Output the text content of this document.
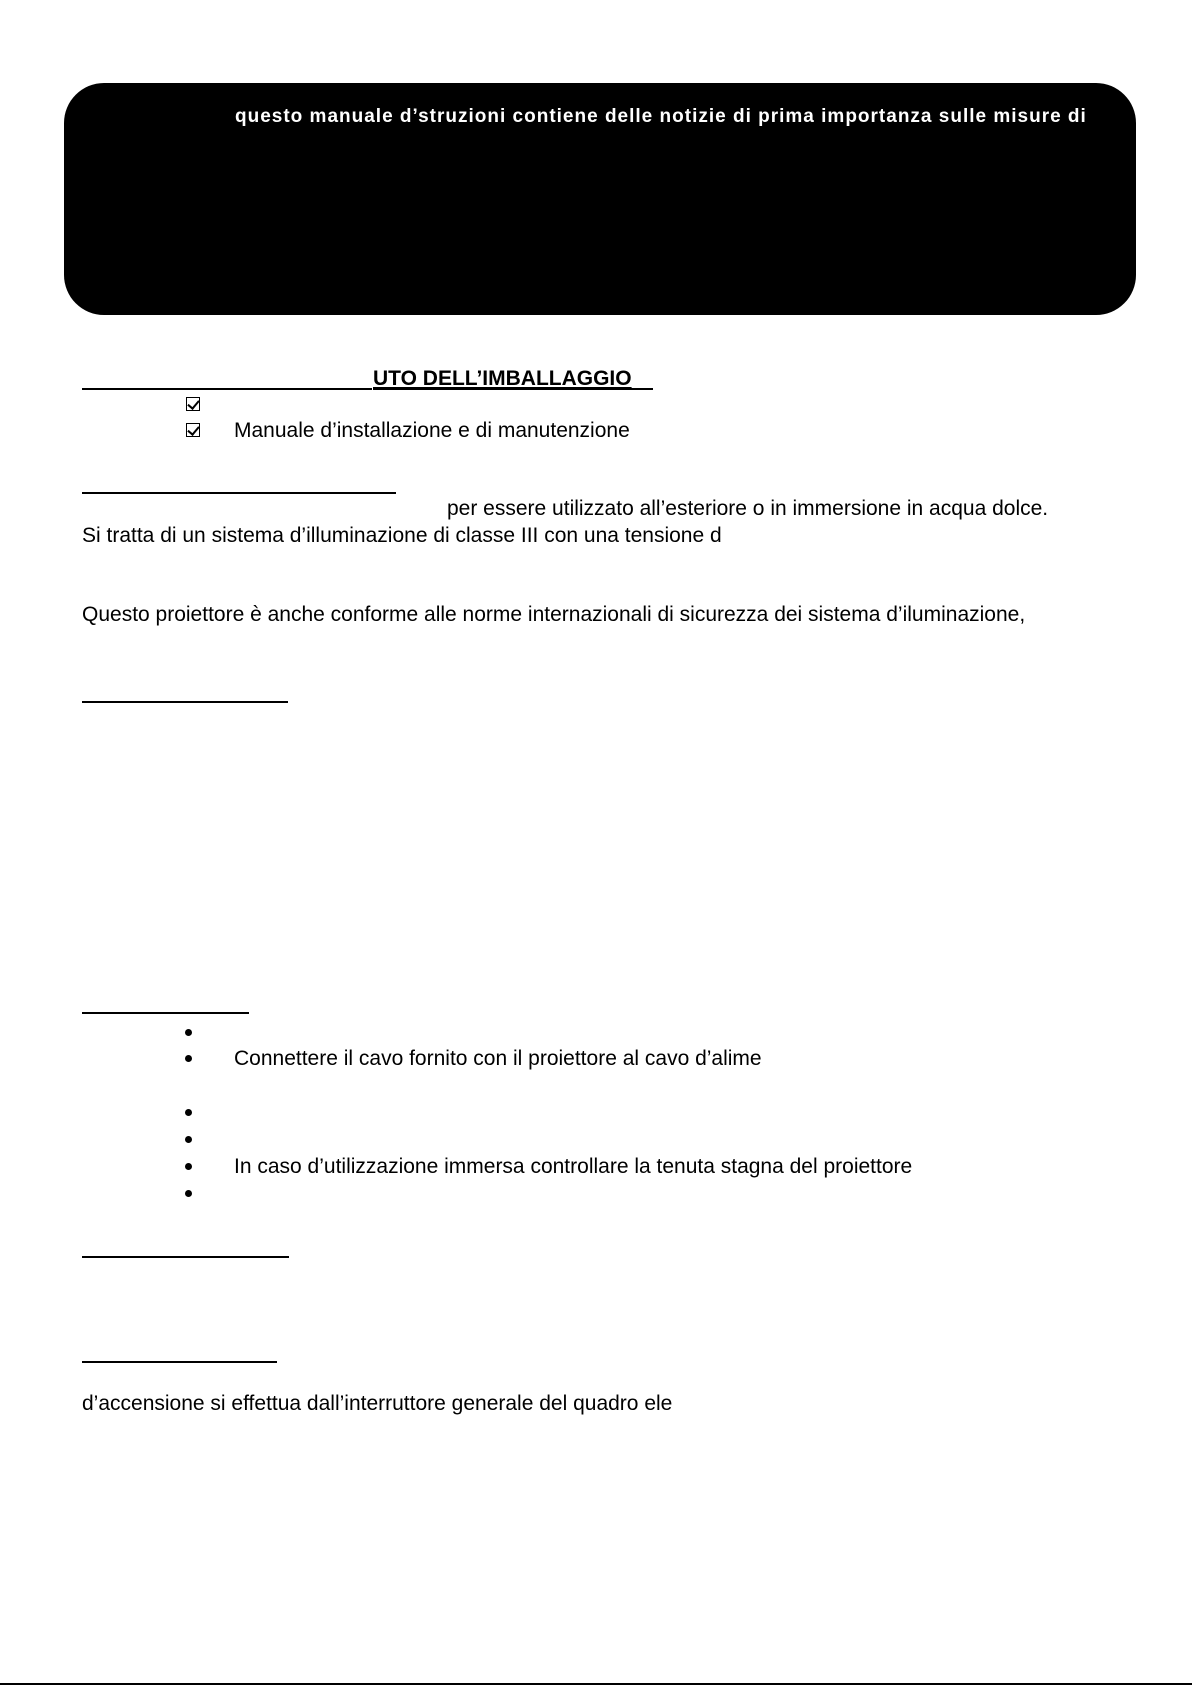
questo manuale d’struzioni contiene delle notizie di prima importanza sulle misure di
UTO DELL’IMBALLAGGIO
Manuale d’installazione e di manutenzione
per essere utilizzato all’esteriore o in immersione in acqua dolce.
Si tratta di un sistema d’illuminazione di classe III con una tensione d
Questo proiettore è anche conforme alle norme internazionali di sicurezza dei sistema d’iluminazione,
Connettere il cavo fornito con il proiettore al cavo d’alime
In caso d’utilizzazione immersa controllare la tenuta stagna del proiettore
d’accensione si effettua dall’interruttore generale del quadro ele
